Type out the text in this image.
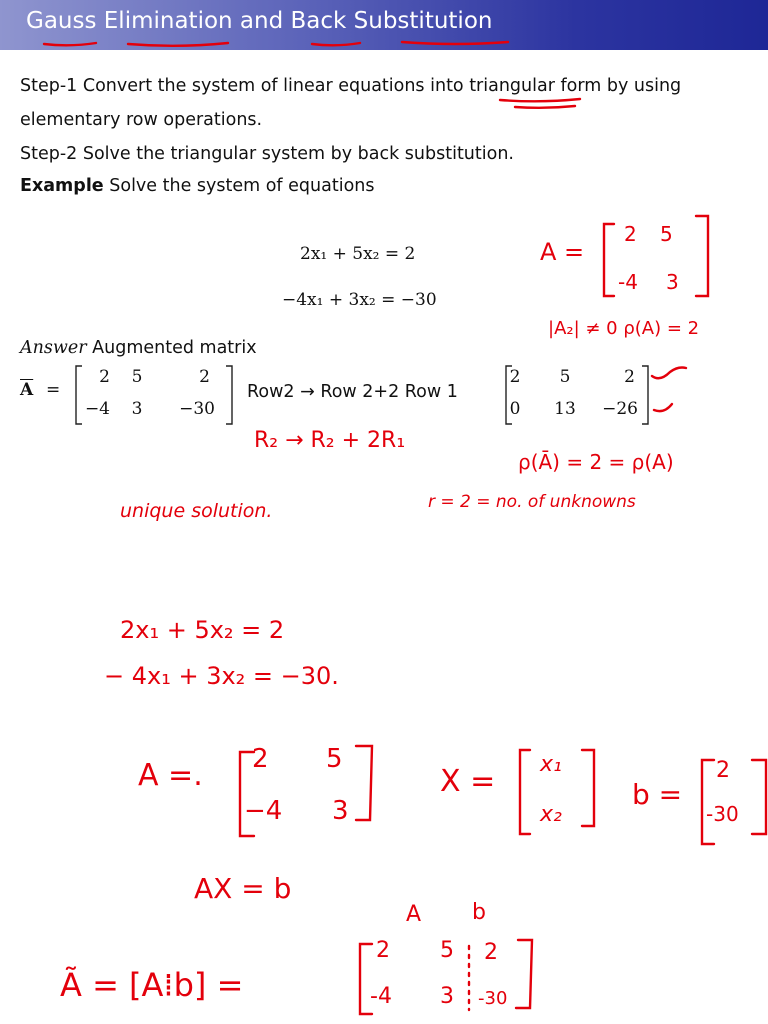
Gauss Elimination and Back Substitution
Step-1 Convert the system of linear equations into triangular form by using
elementary row operations.
Step-2 Solve the triangular system by back substitution.
Example Solve the system of equations
2x₁ + 5x₂ = 2
−4x₁ + 3x₂ = −30
Answer Augmented matrix
$\overline{A}$ =
2	5	2
−4	3	−30
Row2 → Row 2+2 Row 1
2	5	2
0	13	−26
A =
2 5
-4 3
|A₂| ≠ 0 ρ(A) = 2
R₂ → R₂ + 2R₁
ρ(Ā) = 2 = ρ(A)
unique solution.	r = 2 = no. of unknowns
2x₁ + 5x₂ = 2
− 4x₁ + 3x₂ = −30.
A =. 2 5
−4 3
X = x₁
x₂
b =
2
-30
AX = b
A b
Ã = [A⁞b] =
2 5 2
-4 3 -30
